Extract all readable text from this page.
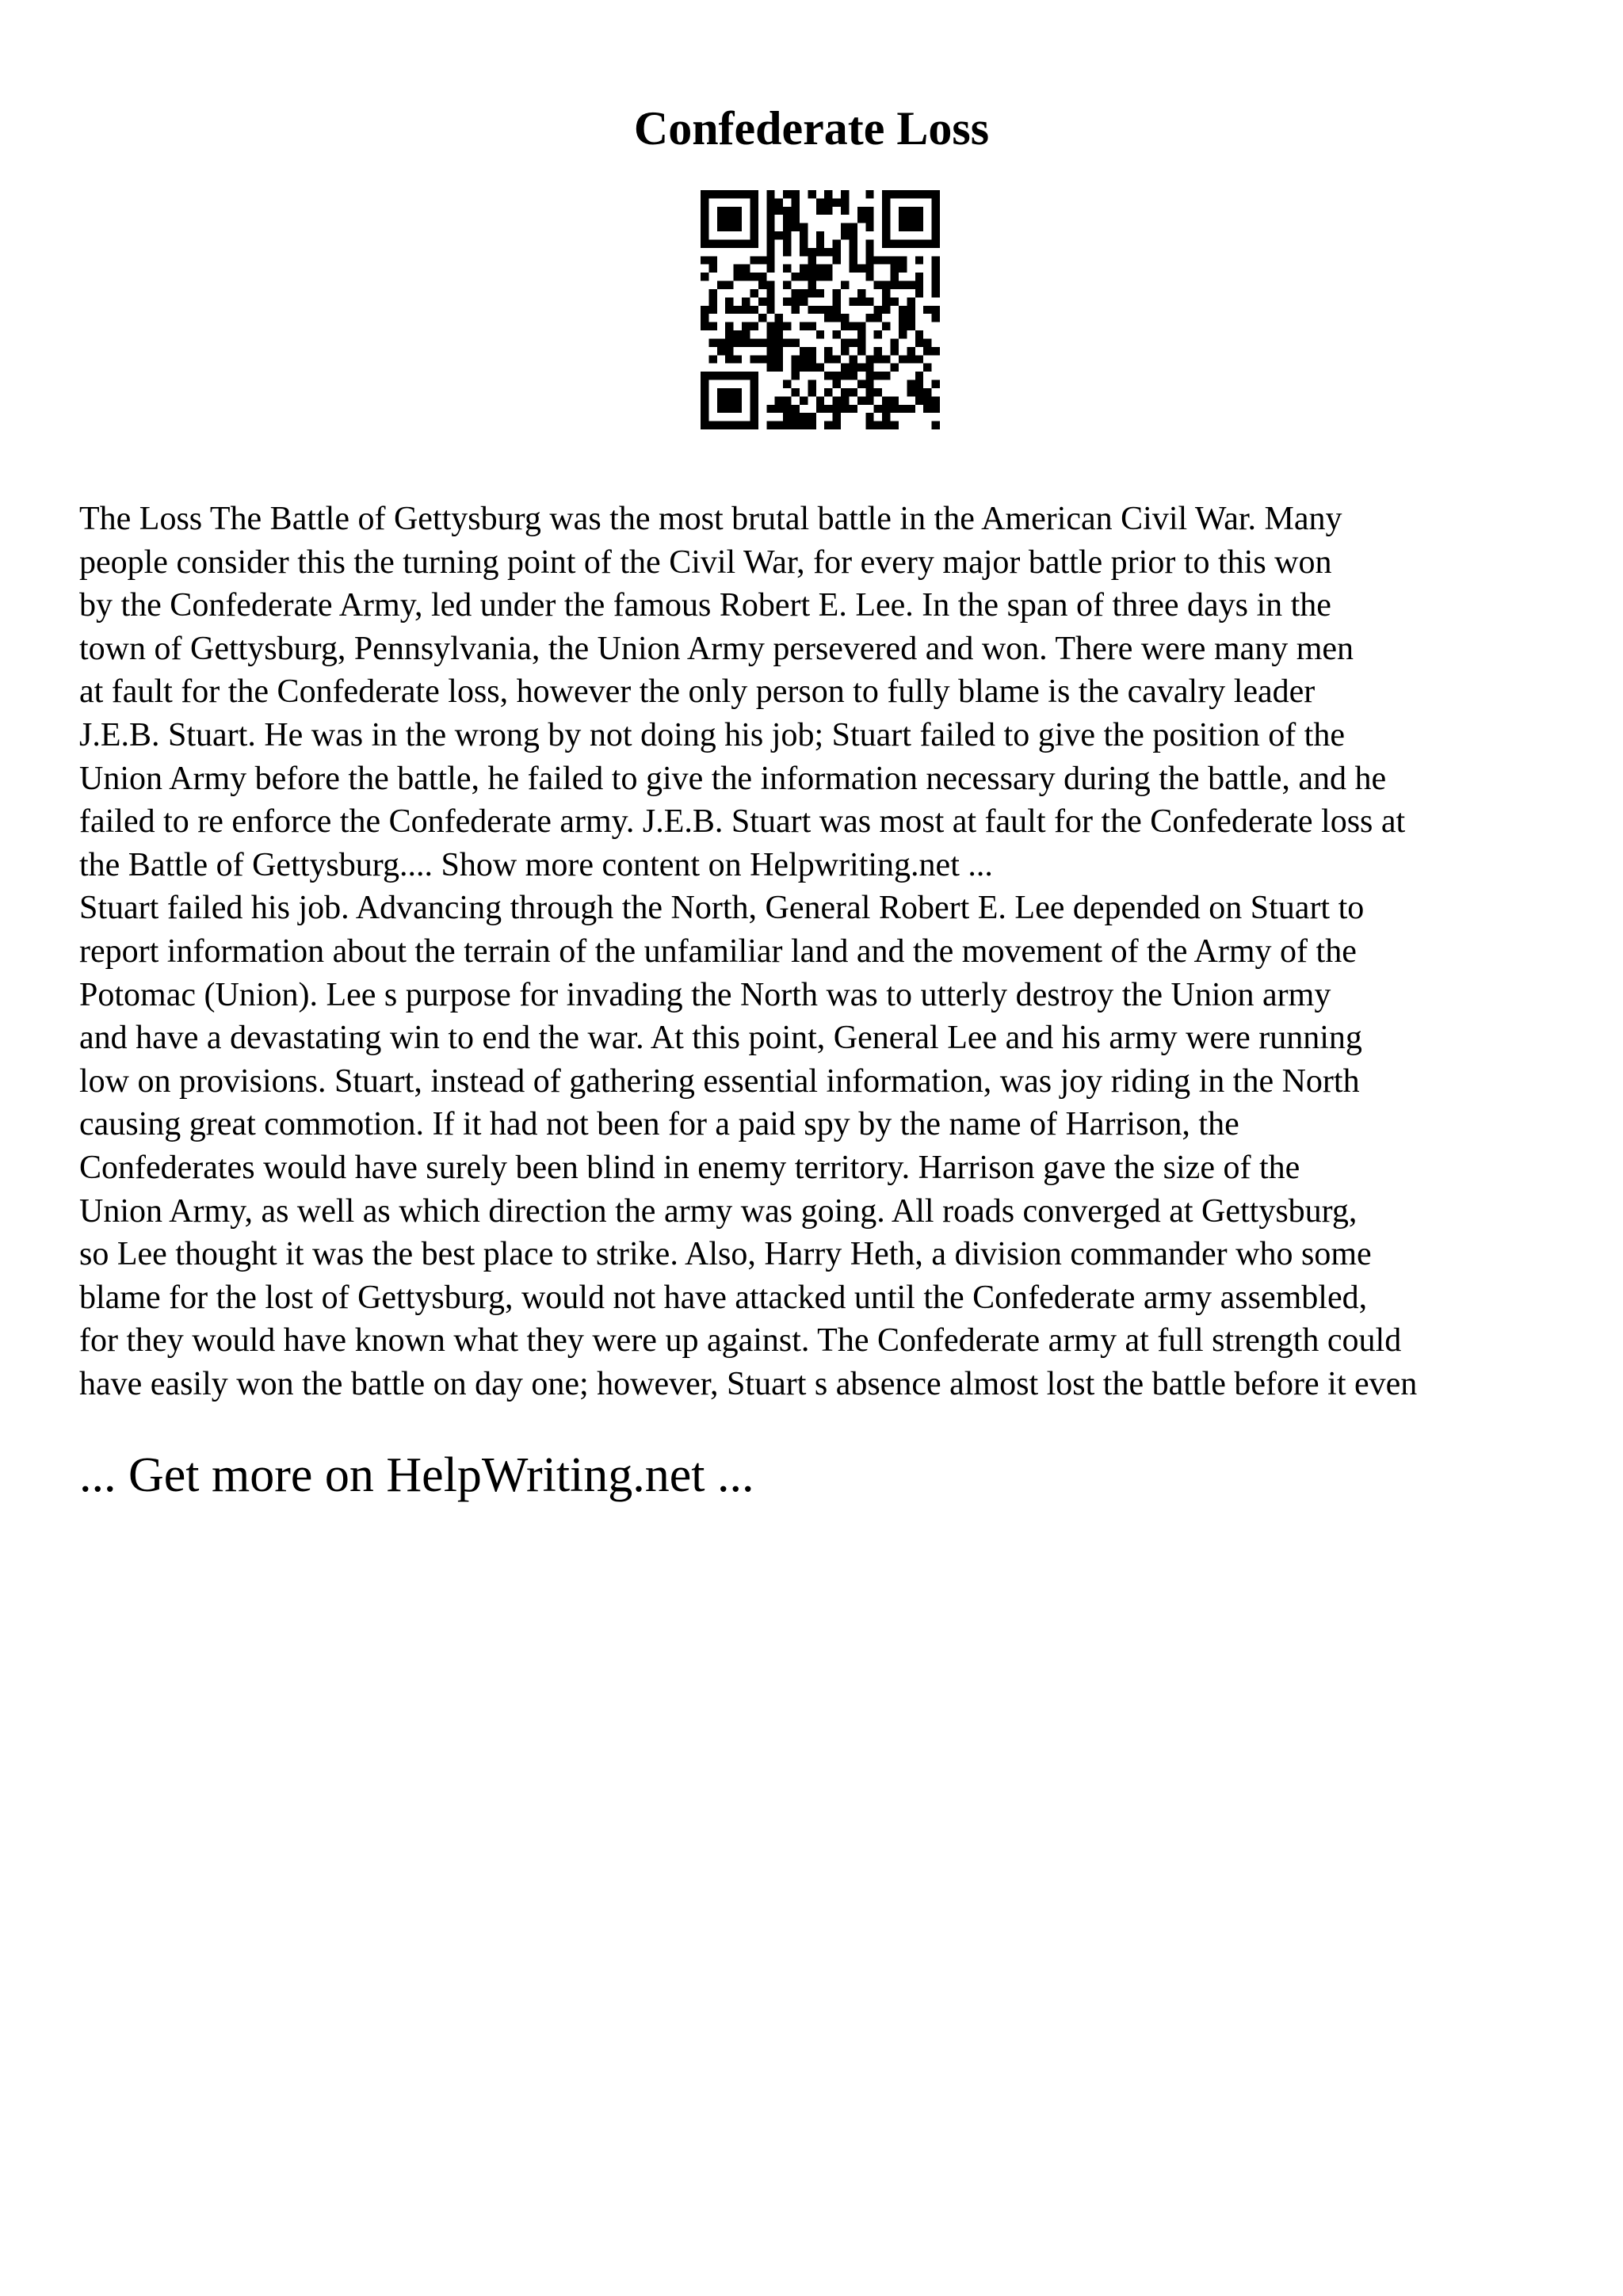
Confederate Loss
The Loss The Battle of Gettysburg was the most brutal battle in the American Civil War. Many
people consider this the turning point of the Civil War, for every major battle prior to this won
by the Confederate Army, led under the famous Robert E. Lee. In the span of three days in the
town of Gettysburg, Pennsylvania, the Union Army persevered and won. There were many men
at fault for the Confederate loss, however the only person to fully blame is the cavalry leader
J.E.B. Stuart. He was in the wrong by not doing his job; Stuart failed to give the position of the
Union Army before the battle, he failed to give the information necessary during the battle, and he
failed to re enforce the Confederate army. J.E.B. Stuart was most at fault for the Confederate loss at
the Battle of Gettysburg.... Show more content on Helpwriting.net ...
Stuart failed his job. Advancing through the North, General Robert E. Lee depended on Stuart to
report information about the terrain of the unfamiliar land and the movement of the Army of the
Potomac (Union). Lee s purpose for invading the North was to utterly destroy the Union army
and have a devastating win to end the war. At this point, General Lee and his army were running
low on provisions. Stuart, instead of gathering essential information, was joy riding in the North
causing great commotion. If it had not been for a paid spy by the name of Harrison, the
Confederates would have surely been blind in enemy territory. Harrison gave the size of the
Union Army, as well as which direction the army was going. All roads converged at Gettysburg,
so Lee thought it was the best place to strike. Also, Harry Heth, a division commander who some
blame for the lost of Gettysburg, would not have attacked until the Confederate army assembled,
for they would have known what they were up against. The Confederate army at full strength could
have easily won the battle on day one; however, Stuart s absence almost lost the battle before it even
... Get more on HelpWriting.net ...
